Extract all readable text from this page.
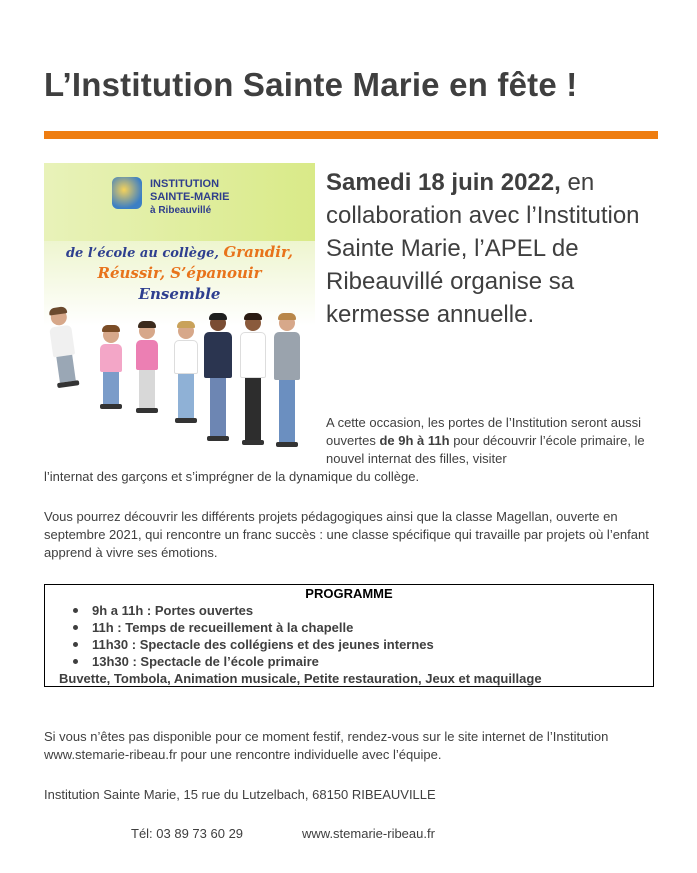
L’Institution Sainte Marie en fête !
INSTITUTION
SAINTE-MARIE
à Ribeauvillé
de l’école au collège, Grandir,
Réussir, S’épanouir
Ensemble
Samedi 18 juin 2022, en collaboration avec l’Institution Sainte Marie, l’APEL de Ribeauvillé organise sa kermesse annuelle.
A cette occasion, les portes de l’Institution seront aussi ouvertes de 9h à 11h pour découvrir l’école primaire, le nouvel internat des filles, visiter
l’internat des garçons et s’imprégner de la dynamique du collège.
Vous pourrez découvrir les différents projets pédagogiques ainsi que la classe Magellan, ouverte en septembre 2021, qui rencontre un franc succès : une classe spécifique qui travaille par projets où l’enfant apprend à vivre ses émotions.
PROGRAMME
9h a 11h : Portes ouvertes
11h : Temps de recueillement à la chapelle
11h30 : Spectacle des collégiens et des jeunes internes
13h30 : Spectacle de l’école primaire
Buvette, Tombola, Animation musicale, Petite restauration, Jeux et maquillage
Si vous n’êtes pas disponible pour ce moment festif, rendez-vous sur le site internet de l’Institution www.stemarie-ribeau.fr pour une rencontre individuelle avec l’équipe.
Institution Sainte Marie, 15 rue du Lutzelbach, 68150 RIBEAUVILLE
Tél: 03 89 73 60 29	www.stemarie-ribeau.fr
